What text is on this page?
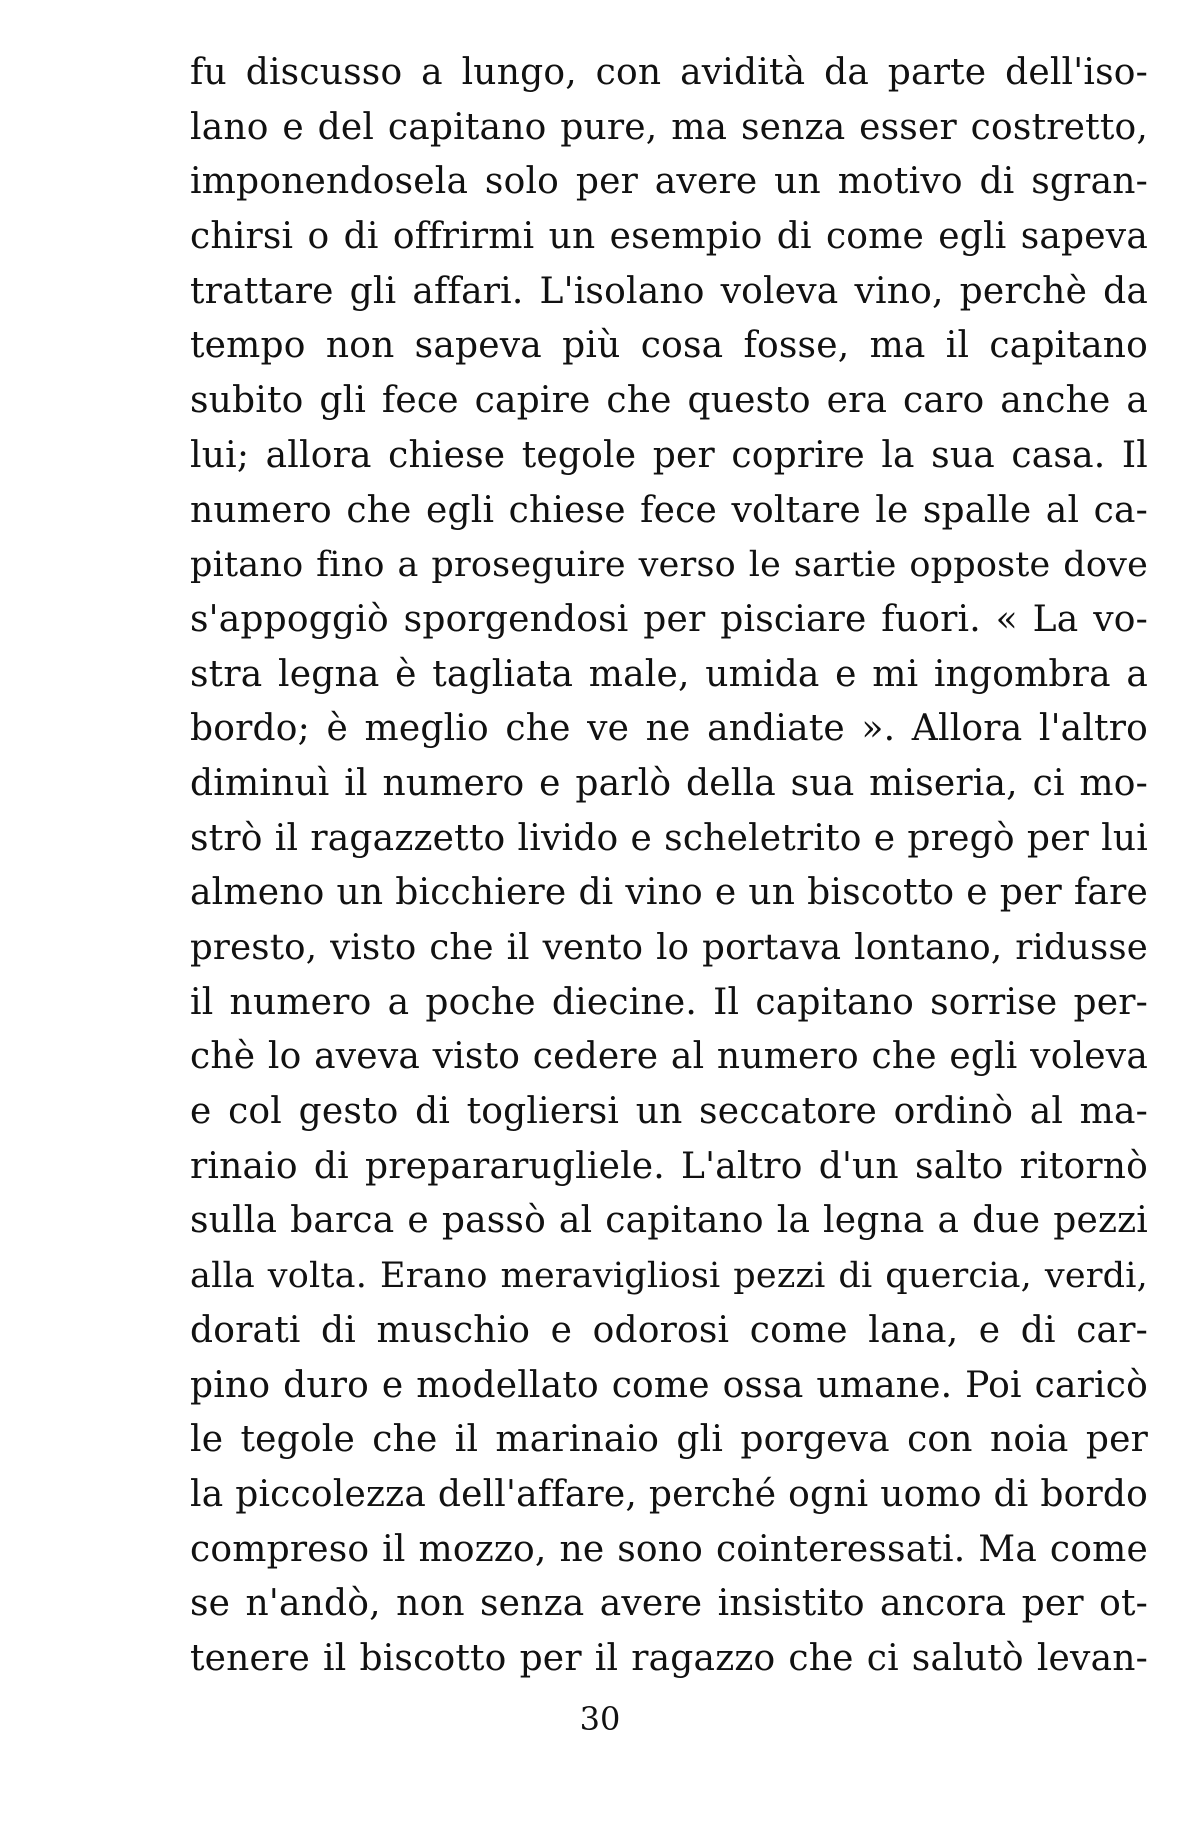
fu discusso a lungo, con avidità da parte dell'iso-
lano e del capitano pure, ma senza esser costretto,
imponendosela solo per avere un motivo di sgran-
chirsi o di offrirmi un esempio di come egli sapeva
trattare gli affari. L'isolano voleva vino, perchè da
tempo non sapeva più cosa fosse, ma il capitano
subito gli fece capire che questo era caro anche a
lui; allora chiese tegole per coprire la sua casa. Il
numero che egli chiese fece voltare le spalle al ca-
pitano fino a proseguire verso le sartie opposte dove
s'appoggiò sporgendosi per pisciare fuori. « La vo-
stra legna è tagliata male, umida e mi ingombra a
bordo; è meglio che ve ne andiate ». Allora l'altro
diminuì il numero e parlò della sua miseria, ci mo-
strò il ragazzetto livido e scheletrito e pregò per lui
almeno un bicchiere di vino e un biscotto e per fare
presto, visto che il vento lo portava lontano, ridusse
il numero a poche diecine. Il capitano sorrise per-
chè lo aveva visto cedere al numero che egli voleva
e col gesto di togliersi un seccatore ordinò al ma-
rinaio di prepararugliele. L'altro d'un salto ritornò
sulla barca e passò al capitano la legna a due pezzi
alla volta. Erano meravigliosi pezzi di quercia, verdi,
dorati di muschio e odorosi come lana, e di car-
pino duro e modellato come ossa umane. Poi caricò
le tegole che il marinaio gli porgeva con noia per
la piccolezza dell'affare, perché ogni uomo di bordo
compreso il mozzo, ne sono cointeressati. Ma come
se n'andò, non senza avere insistito ancora per ot-
tenere il biscotto per il ragazzo che ci salutò levan-
30
